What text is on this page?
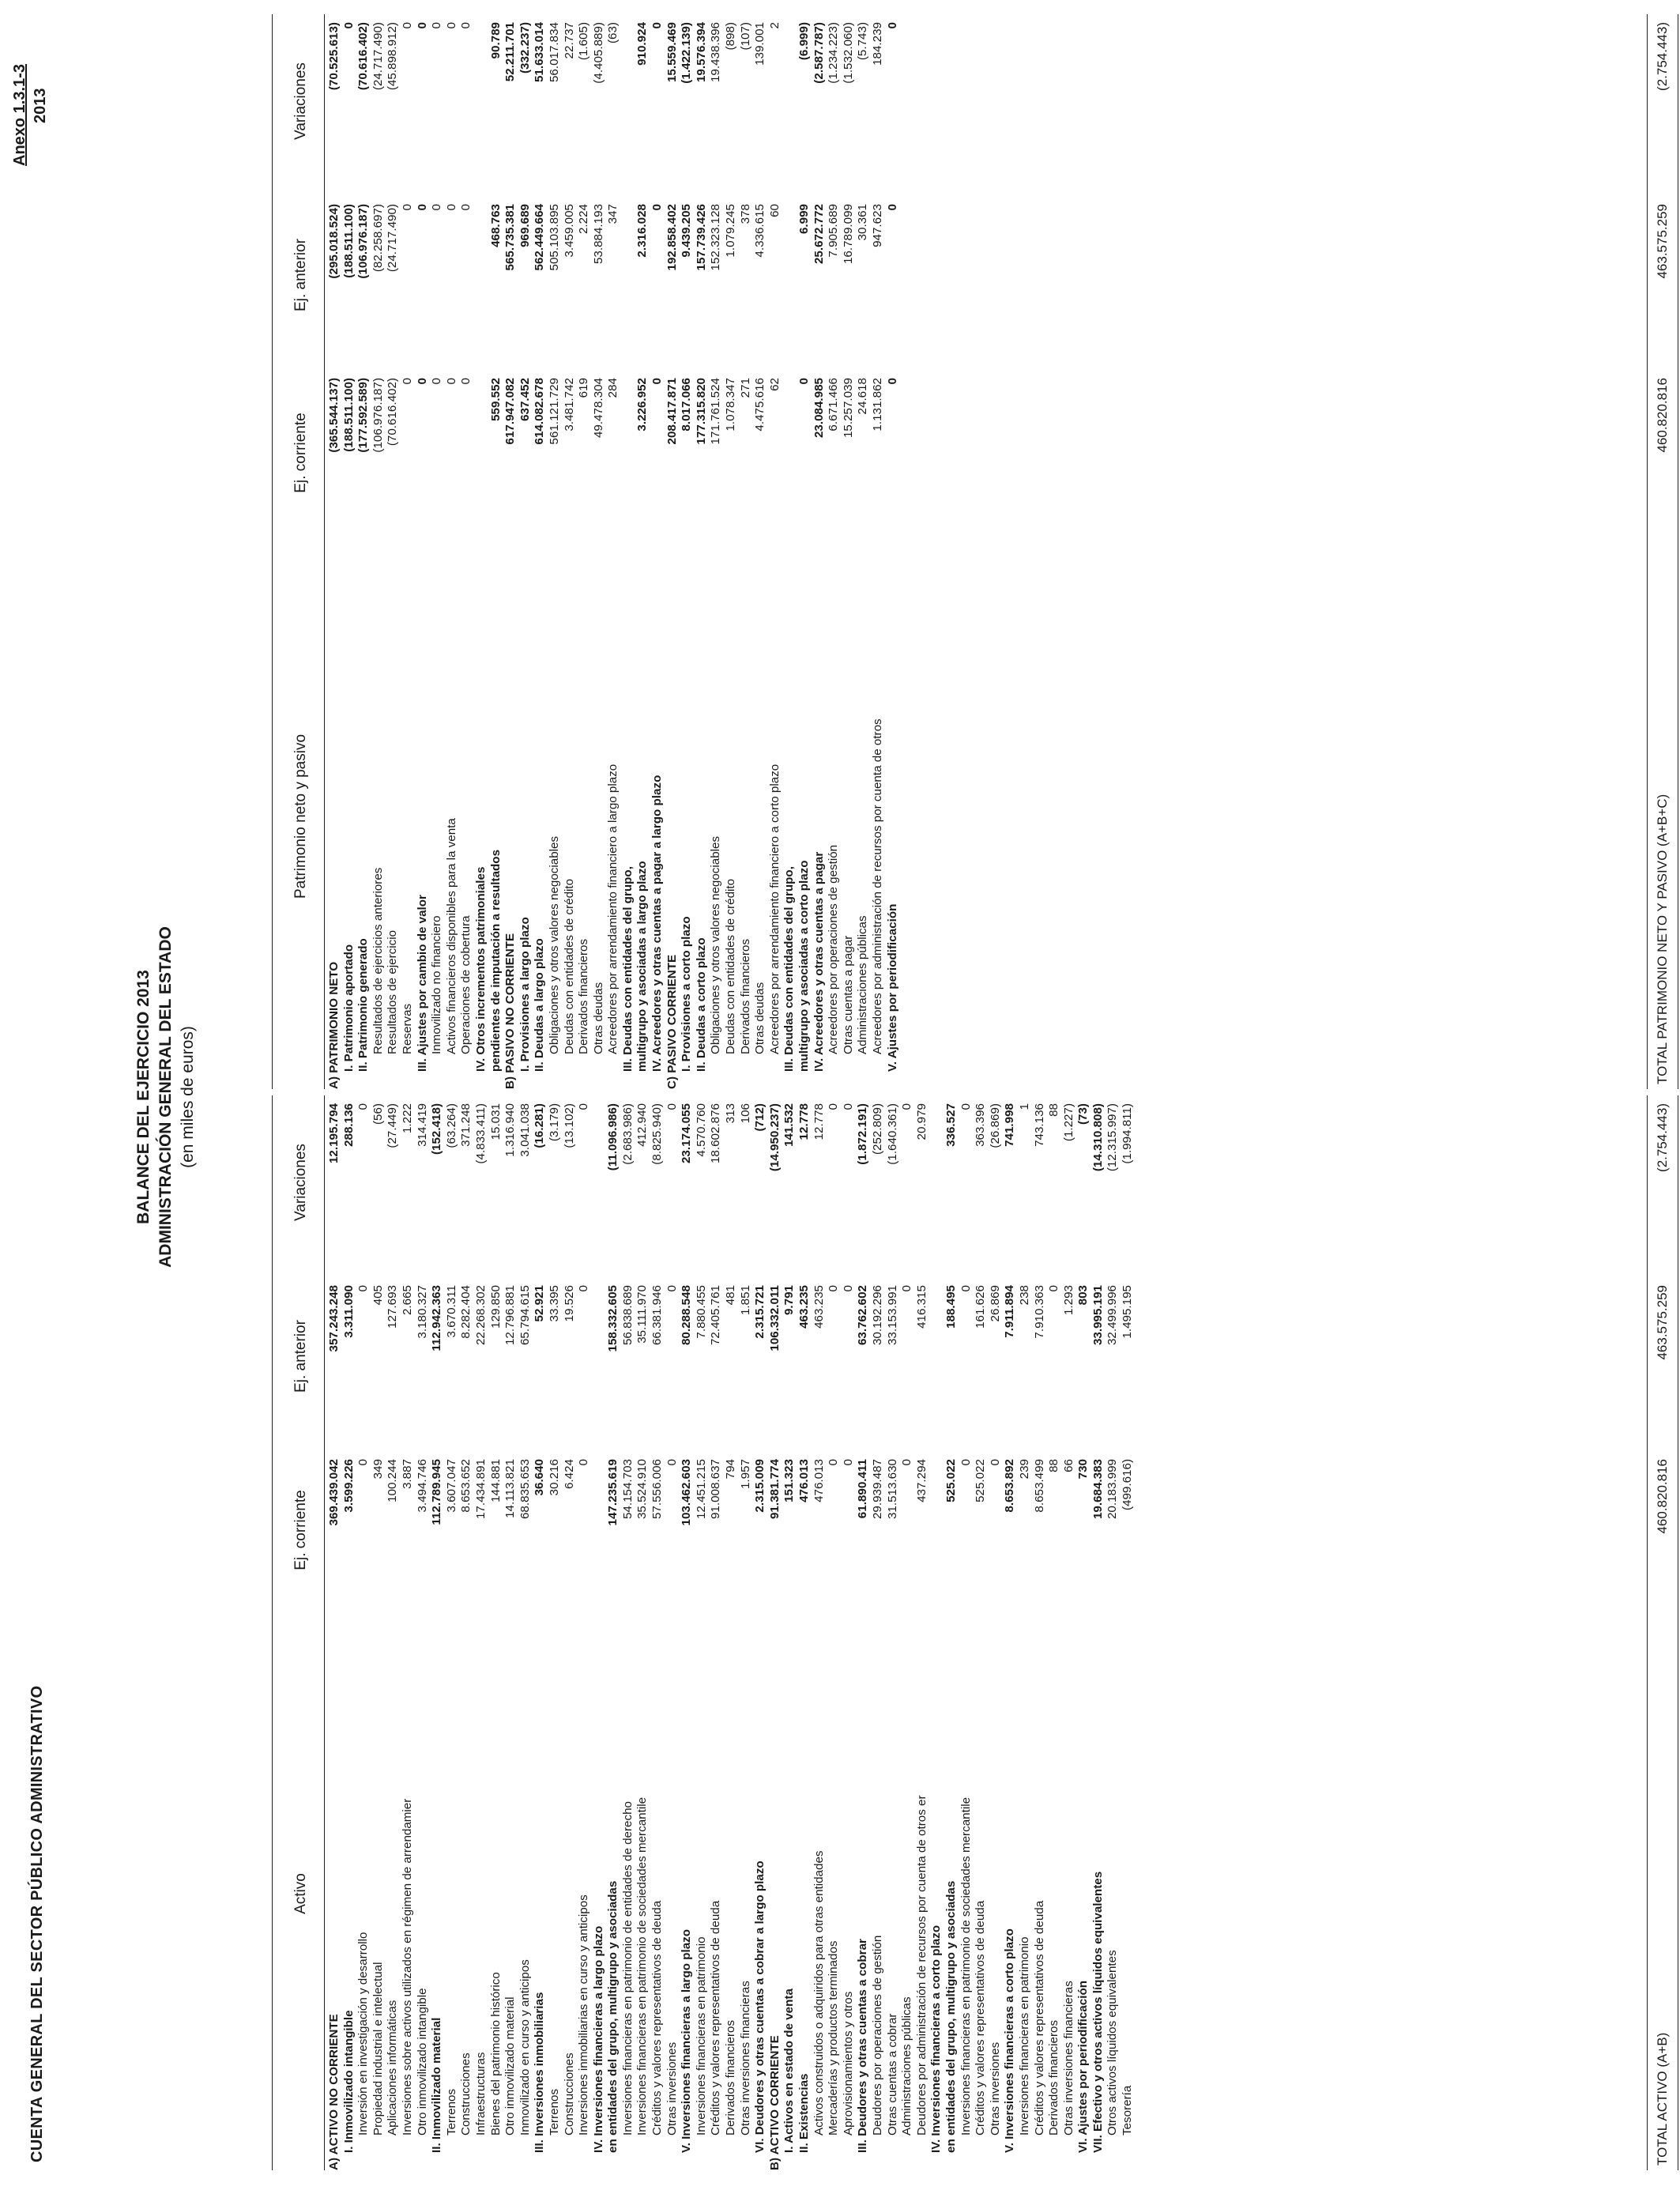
CUENTA GENERAL DEL SECTOR PÚBLICO ADMINISTRATIVO
Anexo 1.3.1-3 2013
BALANCE DEL EJERCICIO 2013 ADMINISTRACIÓN GENERAL DEL ESTADO (en miles de euros)
Activo
Ej. corriente
Ej. anterior
Variaciones
A) ACTIVO NO CORRIENTE
369.439.042
357.243.248
12.195.794
I. Inmovilizado intangible
3.599.226
3.311.090
288.136
Inversión en investigación y desarrollo
0
0
0
Propiedad industrial e intelectual
349
405
(56)
Aplicaciones informáticas
100.244
127.693
(27.449)
Inversiones sobre activos utilizados en régimen de arrendamier
3.887
2.665
1.222
Otro inmovilizado intangible
3.494.746
3.180.327
314.419
II. Inmovilizado material
112.789.945
112.942.363
(152.418)
Terrenos
3.607.047
3.670.311
(63.264)
Construcciones
8.653.652
8.282.404
371.248
Infraestructuras
17.434.891
22.268.302
(4.833.411)
Bienes del patrimonio histórico
144.881
129.850
15.031
Otro inmovilizado material
14.113.821
12.796.881
1.316.940
Inmovilizado en curso y anticipos
68.835.653
65.794.615
3.041.038
III. Inversiones inmobiliarias
36.640
52.921
(16.281)
Terrenos
30.216
33.395
(3.179)
Construcciones
6.424
19.526
(13.102)
Inversiones inmobiliarias en curso y anticipos
0
0
0
IV. Inversiones financieras a largo plazo en entidades del grupo, multigrupo y asociadas
147.235.619
158.332.605
(11.096.986)
Inversiones financieras en patrimonio de entidades de derecho
54.154.703
56.838.689
(2.683.986)
Inversiones financieras en patrimonio de sociedades mercantile
35.524.910
35.111.970
412.940
Créditos y valores representativos de deuda
57.556.006
66.381.946
(8.825.940)
Otras inversiones
0
0
0
V. Inversiones financieras a largo plazo
103.462.603
80.288.548
23.174.055
Inversiones financieras en patrimonio
12.451.215
7.880.455
4.570.760
Créditos y valores representativos de deuda
91.008.637
72.405.761
18.602.876
Derivados financieros
794
481
313
Otras inversiones financieras
1.957
1.851
106
VI. Deudores y otras cuentas a cobrar a largo plazo
2.315.009
2.315.721
(712)
B) ACTIVO CORRIENTE
91.381.774
106.332.011
(14.950.237)
I. Activos en estado de venta
151.323
9.791
141.532
II. Existencias
476.013
463.235
12.778
Activos construidos o adquiridos para otras entidades
476.013
463.235
12.778
Mercaderías y productos terminados
0
0
0
Aprovisionamientos y otros
0
0
0
III. Deudores y otras cuentas a cobrar
61.890.411
63.762.602
(1.872.191)
Deudores por operaciones de gestión
29.939.487
30.192.296
(252.809)
Otras cuentas a cobrar
31.513.630
33.153.991
(1.640.361)
Administraciones públicas
0
0
0
Deudores por administración de recursos por cuenta de otros er
437.294
416.315
20.979
IV. Inversiones financieras a corto plazo en entidades del grupo, multigrupo y asociadas
525.022
188.495
336.527
Inversiones financieras en patrimonio de sociedades mercantile
0
0
0
Créditos y valores representativos de deuda
525.022
161.626
363.396
Otras inversiones
0
26.869
(26.869)
V. Inversiones financieras a corto plazo
8.653.892
7.911.894
741.998
Inversiones financieras en patrimonio
239
238
1
Créditos y valores representativos de deuda
8.653.499
7.910.363
743.136
Derivados financieros
88
0
88
Otras inversiones financieras
66
1.293
(1.227)
VI. Ajustes por periodificación
730
803
(73)
VII. Efectivo y otros activos líquidos equivalentes
19.684.383
33.995.191
(14.310.808)
Otros activos líquidos equivalentes
20.183.999
32.499.996
(12.315.997)
Tesorería
(499.616)
1.495.195
(1.994.811)
TOTAL ACTIVO (A+B)
460.820.816
463.575.259
(2.754.443)
Patrimonio neto y pasivo
Ej. corriente
Ej. anterior
Variaciones
A) PATRIMONIO NETO
(365.544.137)
(295.018.524)
(70.525.613)
I. Patrimonio aportado
(188.511.100)
(188.511.100)
0
II. Patrimonio generado
(177.592.589)
(106.976.187)
(70.616.402)
Resultados de ejercicios anteriores
(106.976.187)
(82.258.697)
(24.717.490)
Resultados de ejercicio
(70.616.402)
(24.717.490)
(45.898.912)
Reservas
0
0
0
III. Ajustes por cambio de valor
0
0
0
Inmovilizado no financiero
0
0
0
Activos financieros disponibles para la venta
0
0
0
Operaciones de cobertura
0
0
0
IV. Otros incrementos patrimoniales pendientes de imputación a resultados
559.552
468.763
90.789
B) PASIVO NO CORRIENTE
617.947.082
565.735.381
52.211.701
I. Provisiones a largo plazo
637.452
969.689
(332.237)
II. Deudas a largo plazo
614.082.678
562.449.664
51.633.014
Obligaciones y otros valores negociables
561.121.729
505.103.895
56.017.834
Deudas con entidades de crédito
3.481.742
3.459.005
22.737
Derivados financieros
619
2.224
(1.605)
Otras deudas
49.478.304
53.884.193
(4.405.889)
Acreedores por arrendamiento financiero a largo plazo
284
347
(63)
III. Deudas con entidades del grupo, multigrupo y asociadas a largo plazo
3.226.952
2.316.028
910.924
IV. Acreedores y otras cuentas a pagar a largo plazo
0
0
0
C) PASIVO CORRIENTE
208.417.871
192.858.402
15.559.469
I. Provisiones a corto plazo
8.017.066
9.439.205
(1.422.139)
II. Deudas a corto plazo
177.315.820
157.739.426
19.576.394
Obligaciones y otros valores negociables
171.761.524
152.323.128
19.438.396
Deudas con entidades de crédito
1.078.347
1.079.245
(898)
Derivados financieros
271
378
(107)
Otras deudas
4.475.616
4.336.615
139.001
Acreedores por arrendamiento financiero a corto plazo
62
60
2
III. Deudas con entidades del grupo, multigrupo y asociadas a corto plazo
0
6.999
(6.999)
IV. Acreedores y otras cuentas a pagar
23.084.985
25.672.772
(2.587.787)
Acreedores por operaciones de gestión
6.671.466
7.905.689
(1.234.223)
Otras cuentas a pagar
15.257.039
16.789.099
(1.532.060)
Administraciones públicas
24.618
30.361
(5.743)
Acreedores por administración de recursos por cuenta de otros
1.131.862
947.623
184.239
V. Ajustes por periodificación
0
0
0
TOTAL PATRIMONIO NETO Y PASIVO (A+B+C)
460.820.816
463.575.259
(2.754.443)
